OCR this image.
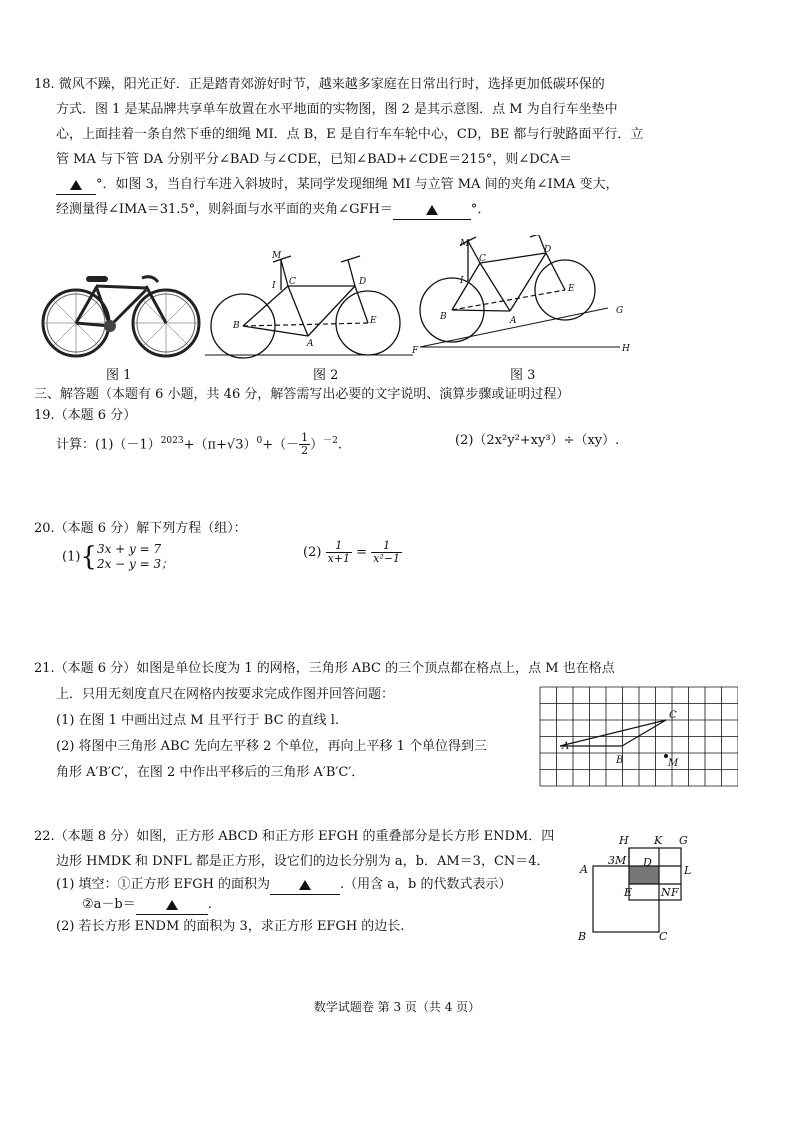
18. 微风不躁，阳光正好．正是踏青郊游好时节，越来越多家庭在日常出行时，选择更加低碳环保的
方式．图 1 是某品牌共享单车放置在水平地面的实物图，图 2 是其示意图．点 M 为自行车坐垫中
心，上面挂着一条自然下垂的细绳 MI．点 B，E 是自行车车轮中心，CD，BE 都与行驶路面平行．立
管 MA 与下管 DA 分别平分∠BAD 与∠CDE，已知∠BAD+∠CDE＝215°，则∠DCA＝
°．如图 3，当自行车进入斜坡时，某同学发现细绳 MI 与立管 MA 间的夹角∠IMA 变大，
经测量得∠IMA＝31.5°，则斜面与水平面的夹角∠GFH＝	°．
M
I C	D
B
A
E
M
I
C
D
B	A
E
G
F	H
图 1	图 2	图 3
三、解答题（本题有 6 小题，共 46 分，解答需写出必要的文字说明、演算步骤或证明过程）
19.（本题 6 分）
计算：$(1)(-1)^{2023}+(\pi+√3)^0+(- \frac{1}{2} )^{-2}$.	(2)（2x²y²+xy³）÷（xy）.
20.（本题 6 分）解下列方程（组）：
(1){ 3x + y = 7
2x − y = 3；
$(2) \frac{1}{x+1} = \frac{1}{\text{x²−1}}$
21.（本题 6 分）如图是单位长度为 1 的网格，三角形 ABC 的三个顶点都在格点上，点 M 也在格点
上．只用无刻度直尺在网格内按要求完成作图并回答问题：
(1) 在图 1 中画出过点 M 且平行于 BC 的直线 l.
(2) 将图中三角形 ABC 先向左平移 2 个单位，再向上平移 1 个单位得到三
角形 A′B′C′，在图 2 中作出平移后的三角形 A′B′C′．
A
B
C
M
22.（本题 8 分）如图，正方形 ABCD 和正方形 EFGH 的重叠部分是长方形 ENDM．四
边形 HMDK 和 DNFL 都是正方形，设它们的边长分别为 a，b．AM＝3，CN＝4．
(1) 填空：①正方形 EFGH 的面积为	.（用含 a，b 的代数式表示）
②a－b＝	.
(2) 若长方形 ENDM 的面积为 3，求正方形 EFGH 的边长.
H K G
A
3M D
L
E	N F
B	C
数学试题卷 第 3 页（共 4 页）
